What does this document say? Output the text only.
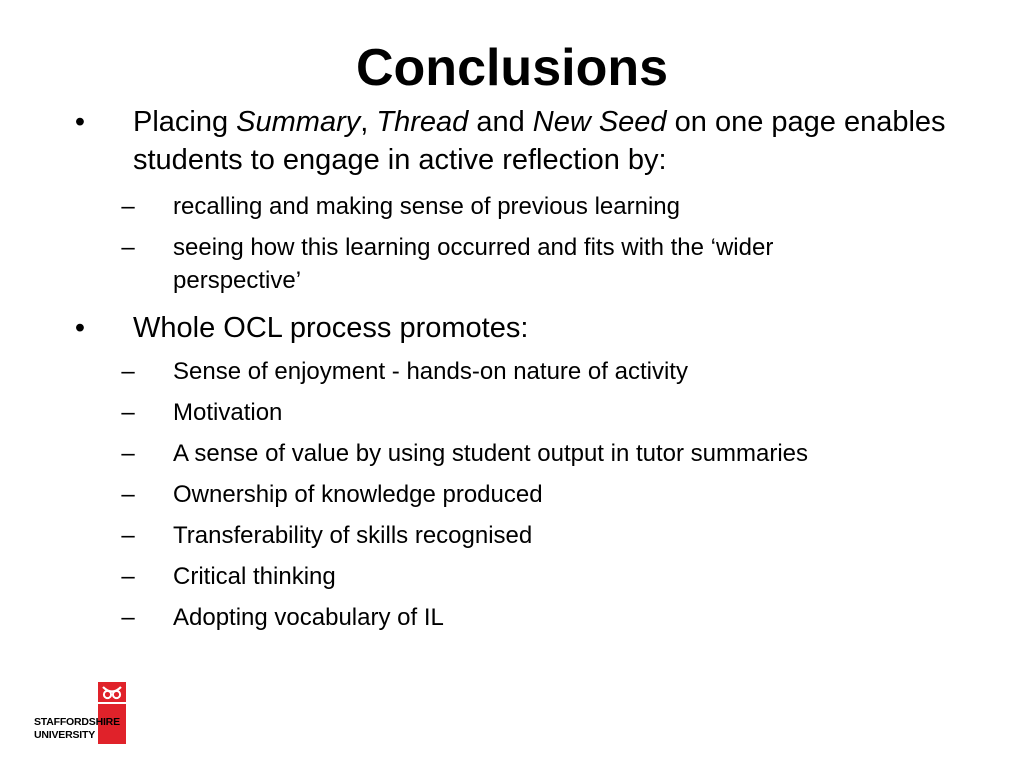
Conclusions
• Placing Summary, Thread and New Seed on one page enables students to engage in active reflection by:
– recalling and making sense of previous learning
– seeing how this learning occurred and fits with the ‘wider perspective’
• Whole OCL process promotes:
– Sense of enjoyment - hands-on nature of activity
– Motivation
– A sense of value by using student output in tutor summaries
– Ownership of knowledge produced
– Transferability of skills recognised
– Critical thinking
– Adopting vocabulary of IL
STAFFORDSHIRE
UNIVERSITY
